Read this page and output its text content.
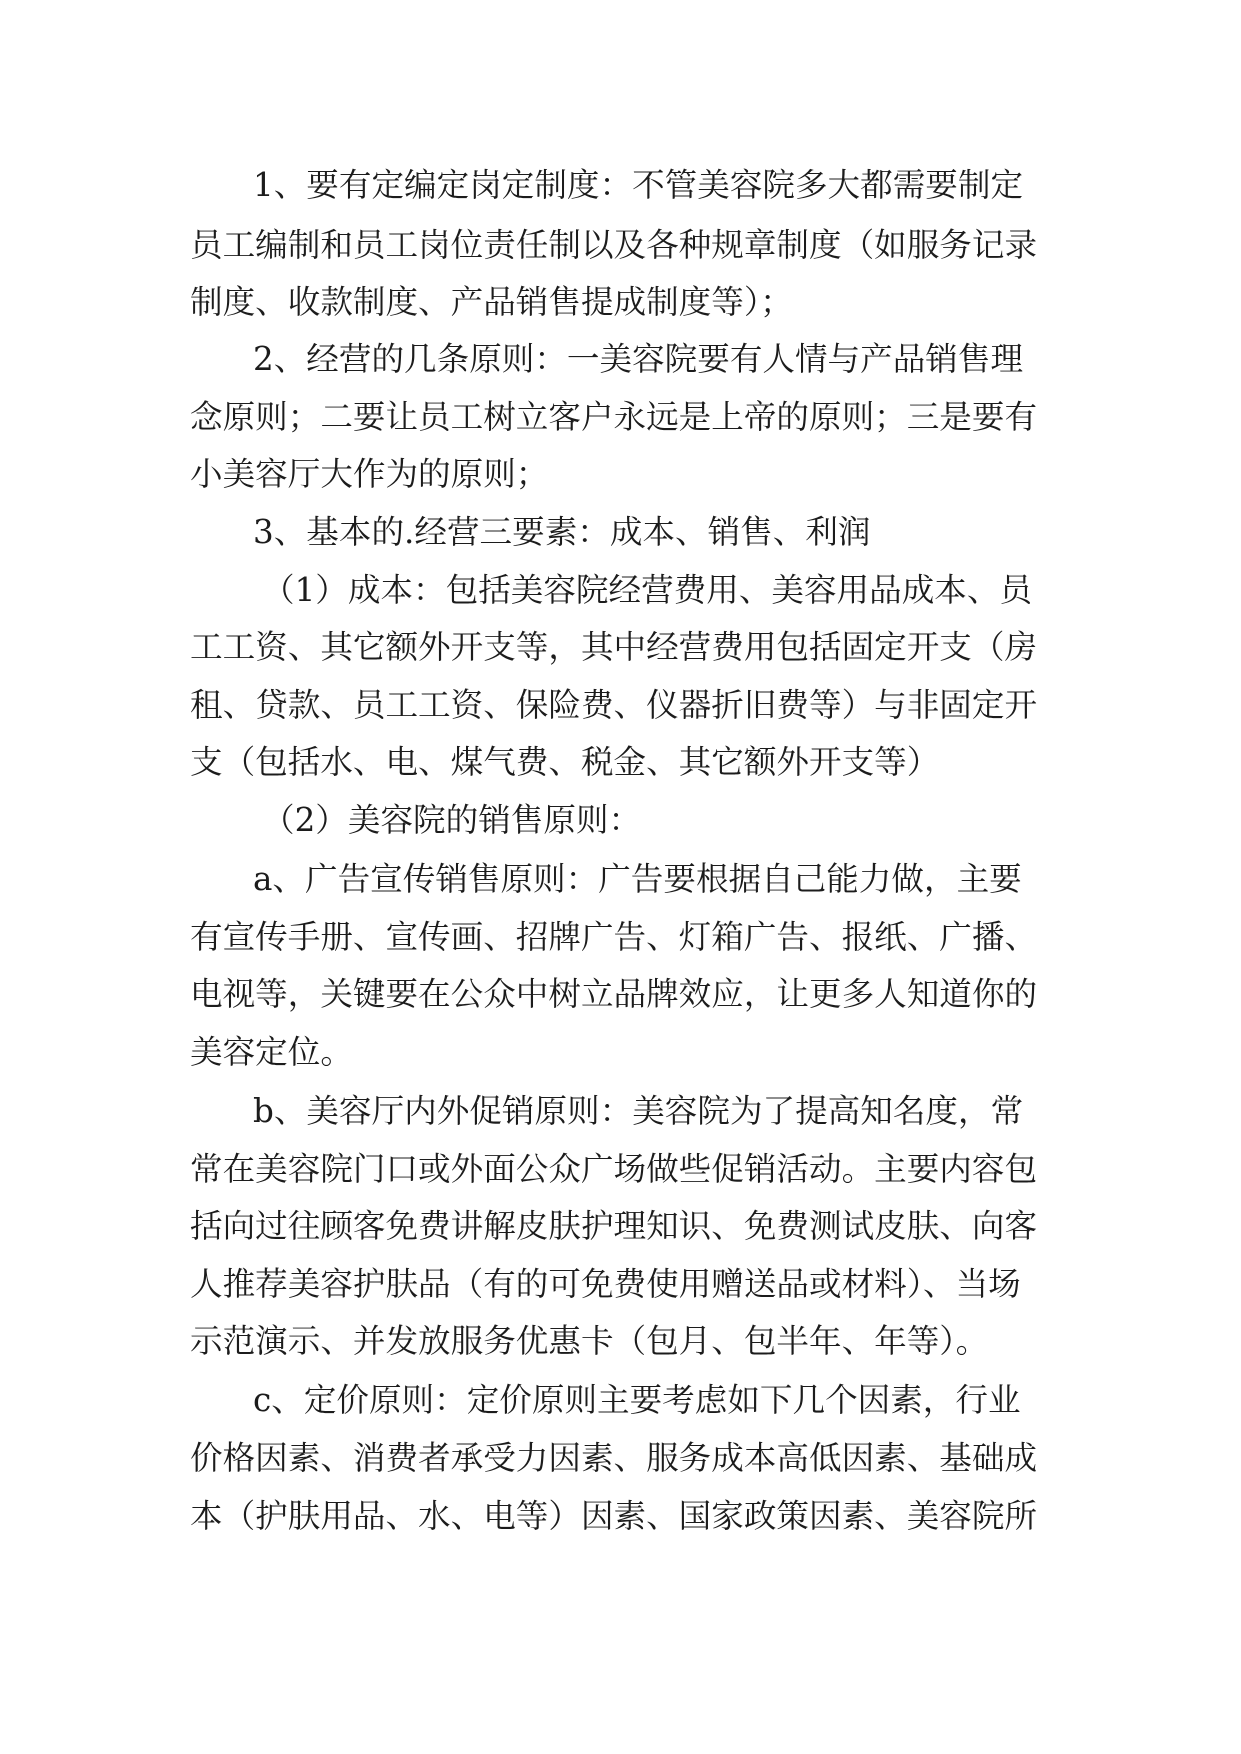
1、要有定编定岗定制度：不管美容院多大都需要制定

员工编制和员工岗位责任制以及各种规章制度（如服务记录

制度、收款制度、产品销售提成制度等）；

2、经营的几条原则：一美容院要有人情与产品销售理

念原则；二要让员工树立客户永远是上帝的原则；三是要有

小美容厅大作为的原则；

3、基本的.经营三要素：成本、销售、利润

（1）成本：包括美容院经营费用、美容用品成本、员

工工资、其它额外开支等，其中经营费用包括固定开支（房

租、贷款、员工工资、保险费、仪器折旧费等）与非固定开

支（包括水、电、煤气费、税金、其它额外开支等）

（2）美容院的销售原则：

a、广告宣传销售原则：广告要根据自己能力做，主要

有宣传手册、宣传画、招牌广告、灯箱广告、报纸、广播、

电视等，关键要在公众中树立品牌效应，让更多人知道你的

美容定位。

b、美容厅内外促销原则：美容院为了提高知名度，常

常在美容院门口或外面公众广场做些促销活动。主要内容包

括向过往顾客免费讲解皮肤护理知识、免费测试皮肤、向客

人推荐美容护肤品（有的可免费使用赠送品或材料）、当场

示范演示、并发放服务优惠卡（包月、包半年、年等）。

c、定价原则：定价原则主要考虑如下几个因素，行业

价格因素、消费者承受力因素、服务成本高低因素、基础成

本（护肤用品、水、电等）因素、国家政策因素、美容院所
